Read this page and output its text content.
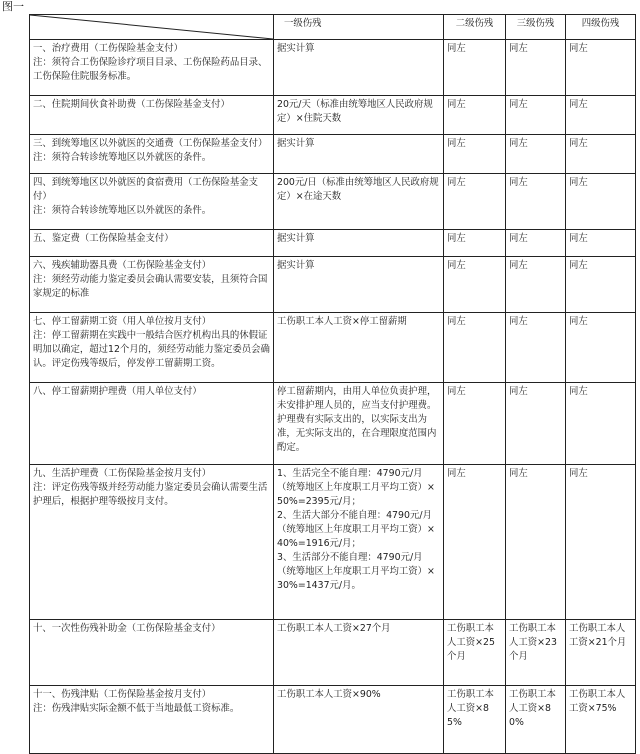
图一
	一级伤残	二级伤残	三级伤残	四级伤残

一、治疗费用（工伤保险基金支付）
注：须符合工伤保险诊疗项目目录、工伤保险药品目录、工伤保险住院服务标准。	据实计算	同左	同左	同左

二、住院期间伙食补助费（工伤保险基金支付）	20元/天（标准由统筹地区人民政府规定）×住院天数	同左	同左	同左

三、到统筹地区以外就医的交通费（工伤保险基金支付）
注：须符合转诊统筹地区以外就医的条件。	据实计算	同左	同左	同左

四、到统筹地区以外就医的食宿费用（工伤保险基金支付）
注：须符合转诊统筹地区以外就医的条件。	200元/日（标准由统筹地区人民政府规定）×在途天数	同左	同左	同左

五、鉴定费（工伤保险基金支付）	据实计算	同左	同左	同左

六、残疾辅助器具费（工伤保险基金支付）
注：须经劳动能力鉴定委员会确认需要安装，且须符合国家规定的标准	据实计算	同左	同左	同左

七、停工留薪期工资（用人单位按月支付）
注：停工留薪期在实践中一般结合医疗机构出具的休假证明加以确定，超过12个月的，须经劳动能力鉴定委员会确认。评定伤残等级后，停发停工留薪期工资。	工伤职工本人工资×停工留薪期	同左	同左	同左

八、停工留薪期护理费（用人单位支付）	停工留薪期内，由用人单位负责护理，未安排护理人员的，应当支付护理费。护理费有实际支出的，以实际支出为准，无实际支出的，在合理限度范围内酌定。	同左	同左	同左

九、生活护理费（工伤保险基金按月支付）
注：评定伤残等级并经劳动能力鉴定委员会确认需要生活护理后，根据护理等级按月支付。	1、生活完全不能自理：4790元/月（统筹地区上年度职工月平均工资）×50%=2395元/月；
2、生活大部分不能自理：4790元/月（统筹地区上年度职工月平均工资）×40%=1916元/月；
3、生活部分不能自理：4790元/月（统筹地区上年度职工月平均工资）×30%=1437元/月。	同左	同左	同左

十、一次性伤残补助金（工伤保险基金支付）	工伤职工本人工资×27个月	工伤职工本人工资×25个月	工伤职工本人工资×23个月	工伤职工本人工资×21个月

十一、伤残津贴（工伤保险基金按月支付）
注：伤残津贴实际金额不低于当地最低工资标准。	工伤职工本人工资×90%	工伤职工本人工资×85%	工伤职工本人工资×80%	工伤职工本人工资×75%
